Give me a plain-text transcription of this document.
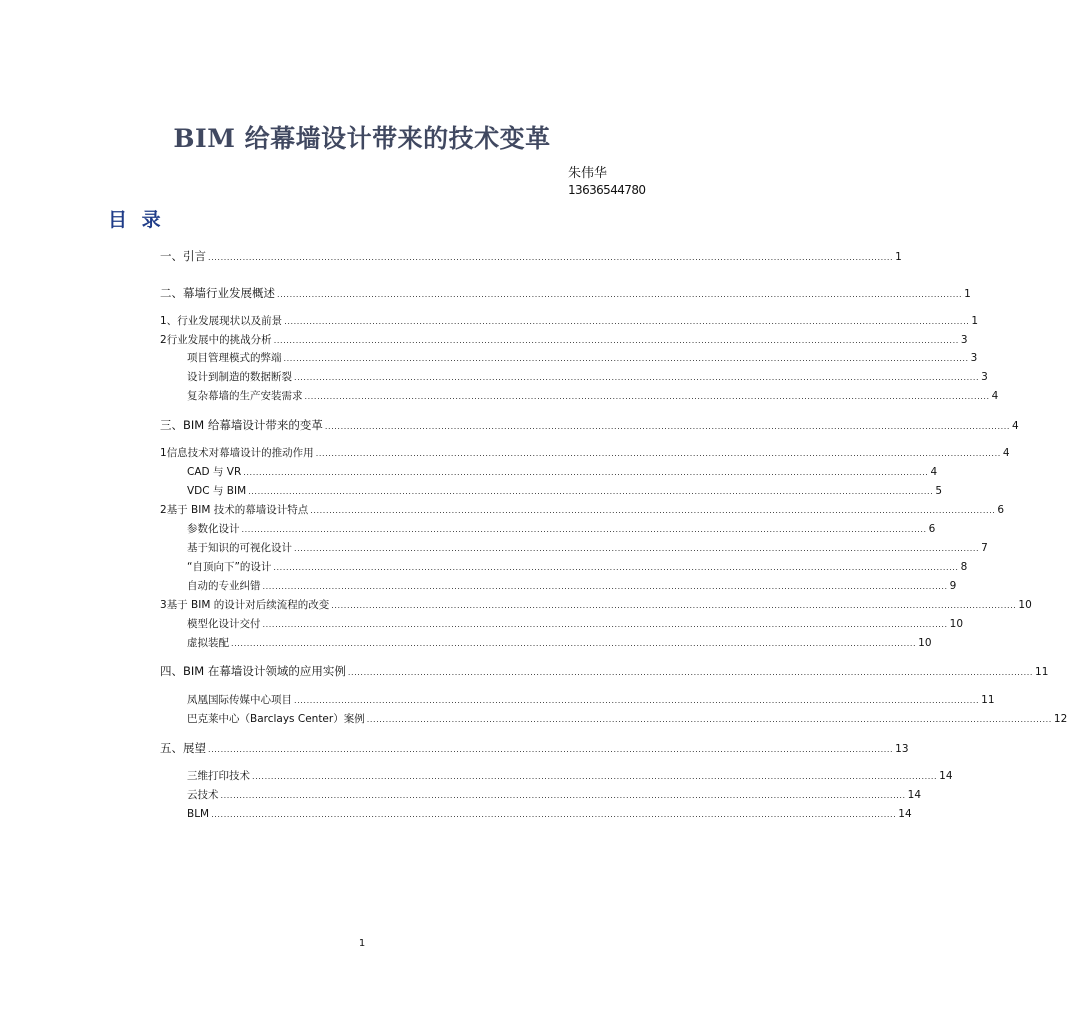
BIM 给幕墙设计带来的技术变革
朱伟华
13636544780
目 录
一、引言 .......................................................................................................................................................................................................................... 1
二、幕墙行业发展概述 .......................................................................................................................................................................................................................... 1
1、 行业发展现状以及前景 .......................................................................................................................................................................................................................... 1
2 行业发展中的挑战分析 .......................................................................................................................................................................................................................... 3
项目管理模式的弊端 .......................................................................................................................................................................................................................... 3
设计到制造的数据断裂 .......................................................................................................................................................................................................................... 3
复杂幕墙的生产安装需求 .......................................................................................................................................................................................................................... 4
三、 BIM 给幕墙设计带来的变革 .......................................................................................................................................................................................................................... 4
1 信息技术对幕墙设计的推动作用 .......................................................................................................................................................................................................................... 4
CAD 与 VR .......................................................................................................................................................................................................................... 4
VDC 与 BIM .......................................................................................................................................................................................................................... 5
2 基于 BIM 技术的幕墙设计特点 .......................................................................................................................................................................................................................... 6
参数化设计 .......................................................................................................................................................................................................................... 6
基于知识的可视化设计 .......................................................................................................................................................................................................................... 7
“自顶向下”的设计 .......................................................................................................................................................................................................................... 8
自动的专业纠错 .......................................................................................................................................................................................................................... 9
3 基于 BIM 的设计对后续流程的改变 .......................................................................................................................................................................................................................... 10
模型化设计交付 .......................................................................................................................................................................................................................... 10
虚拟装配 .......................................................................................................................................................................................................................... 10
四、BIM 在幕墙设计领域的应用实例 .......................................................................................................................................................................................................................... 11
凤凰国际传媒中心项目 .......................................................................................................................................................................................................................... 11
巴克莱中心（Barclays Center）案例 .......................................................................................................................................................................................................................... 12
五、展望 .......................................................................................................................................................................................................................... 13
三维打印技术 .......................................................................................................................................................................................................................... 14
云技术 .......................................................................................................................................................................................................................... 14
BLM .......................................................................................................................................................................................................................... 14
1
